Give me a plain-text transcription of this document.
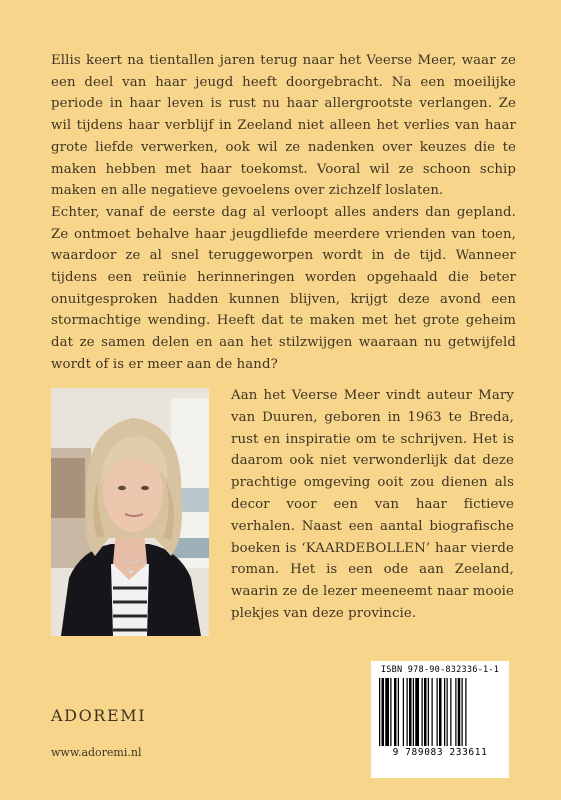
Ellis keert na tientallen jaren terug naar het Veerse Meer, waar ze een deel van haar jeugd heeft doorgebracht. Na een moeilijke periode in haar leven is rust nu haar allergrootste verlangen. Ze wil tijdens haar verblijf in Zeeland niet alleen het verlies van haar grote liefde verwerken, ook wil ze nadenken over keuzes die te maken hebben met haar toekomst. Vooral wil ze schoon schip maken en alle negatieve gevoelens over zichzelf loslaten.

Echter, vanaf de eerste dag al verloopt alles anders dan gepland. Ze ontmoet behalve haar jeugdliefde meerdere vrienden van toen, waardoor ze al snel teruggeworpen wordt in de tijd. Wanneer tijdens een reünie herinneringen worden opgehaald die beter onuitgesproken hadden kunnen blijven, krijgt deze avond een stormachtige wending. Heeft dat te maken met het grote geheim dat ze samen delen en aan het stilzwijgen waaraan nu getwijfeld wordt of is er meer aan de hand?

Aan het Veerse Meer vindt auteur Mary van Duuren, geboren in 1963 te Breda, rust en inspiratie om te schrijven. Het is daarom ook niet verwonderlijk dat deze prachtige omgeving ooit zou dienen als decor voor een van haar fictieve verhalen. Naast een aantal biografische boeken is ‘KAARDEBOLLEN’ haar vierde roman. Het is een ode aan Zeeland, waarin ze de lezer meeneemt naar mooie plekjes van deze provincie.
ADOREMI
www.adoremi.nl
ISBN 978-90-832336-1-1
9 789083 233611
